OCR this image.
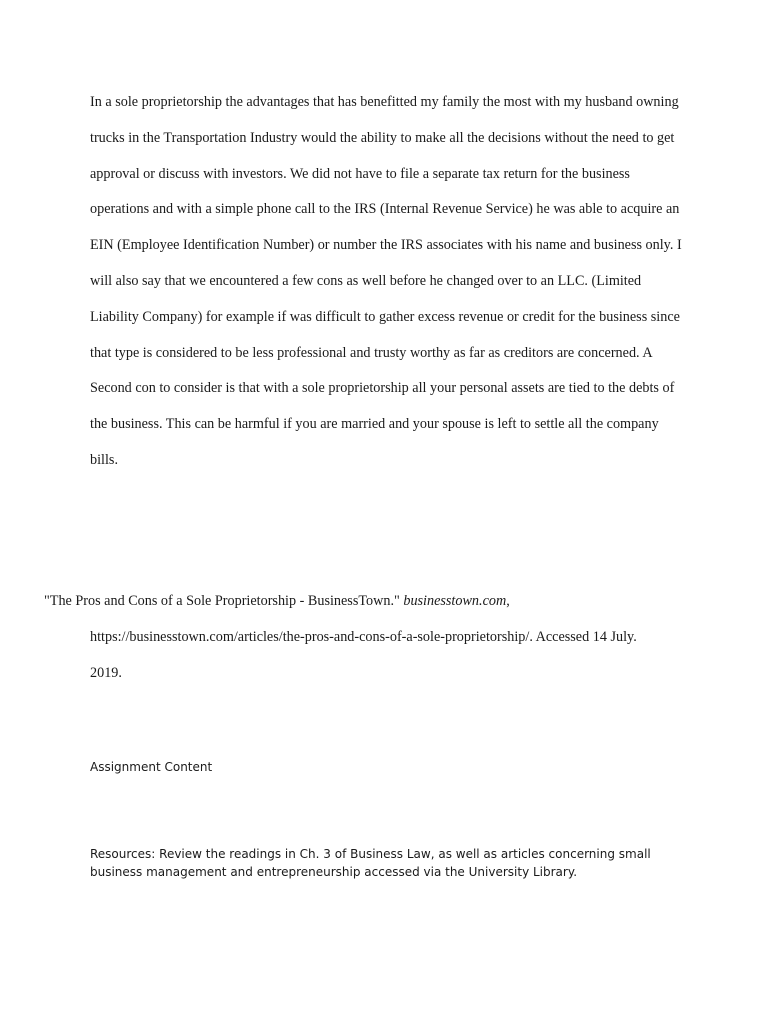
In a sole proprietorship the advantages that has benefitted my family the most with my husband owning trucks in the Transportation Industry would the ability to make all the decisions without the need to get approval or discuss with investors. We did not have to file a separate tax return for the business operations and with a simple phone call to the IRS (Internal Revenue Service) he was able to acquire an EIN (Employee Identification Number) or number the IRS associates with his name and business only. I will also say that we encountered a few cons as well before he changed over to an LLC. (Limited Liability Company) for example if was difficult to gather excess revenue or credit for the business since that type is considered to be less professional and trusty worthy as far as creditors are concerned. A Second con to consider is that with a sole proprietorship all your personal assets are tied to the debts of the business. This can be harmful if you are married and your spouse is left to settle all the company bills.

"The Pros and Cons of a Sole Proprietorship - BusinessTown." businesstown.com,
https://businesstown.com/articles/the-pros-and-cons-of-a-sole-proprietorship/. Accessed 14 July.
2019.

Assignment Content

Resources: Review the readings in Ch. 3 of Business Law, as well as articles concerning small business management and entrepreneurship accessed via the University Library.
